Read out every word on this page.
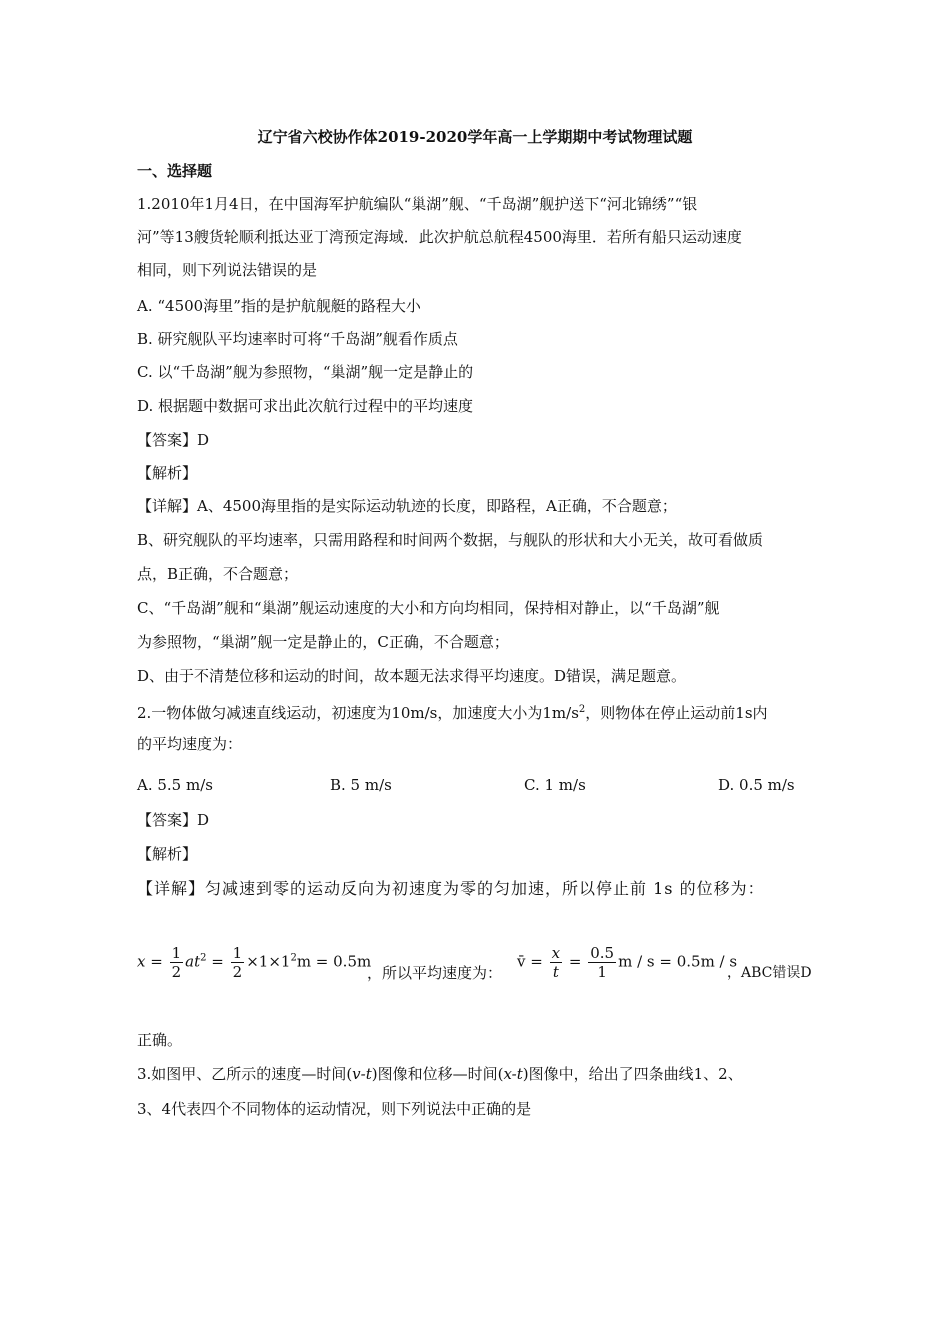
辽宁省六校协作体2019-2020学年高一上学期期中考试物理试题
一、选择题
1.2010年1月4日，在中国海军护航编队“巢湖”舰、“千岛湖”舰护送下“河北锦绣”“银
河”等13艘货轮顺利抵达亚丁湾预定海域．此次护航总航程4500海里．若所有船只运动速度
相同，则下列说法错误的是
A. “4500海里”指的是护航舰艇的路程大小
B. 研究舰队平均速率时可将“千岛湖”舰看作质点
C. 以“千岛湖”舰为参照物，“巢湖”舰一定是静止的
D. 根据题中数据可求出此次航行过程中的平均速度
【答案】D
【解析】
【详解】A、4500海里指的是实际运动轨迹的长度，即路程，A正确，不合题意；
B、研究舰队的平均速率，只需用路程和时间两个数据，与舰队的形状和大小无关，故可看做质
点，B正确，不合题意；
C、“千岛湖”舰和“巢湖”舰运动速度的大小和方向均相同，保持相对静止，以“千岛湖”舰
为参照物，“巢湖”舰一定是静止的，C正确，不合题意；
D、由于不清楚位移和运动的时间，故本题无法求得平均速度。D错误，满足题意。
2.一物体做匀减速直线运动，初速度为10m/s，加速度大小为$1m/s^2$，则物体在停止运动前1s内
的平均速度为：
A. 5.5 m/s	B. 5 m/s	C. 1 m/s	D. 0.5 m/s
【答案】D
【解析】
【详解】匀减速到零的运动反向为初速度为零的匀加速，所以停止前 1s 的位移为：
$x = \frac{1}{2} at^2 = \frac{1}{2} \times 1\times 1^2m = 0.5m$
，所以平均速度为：
v̄ = $\frac{x}{t} = \frac{0.5}{1}$ m / s = 0.5m / s
，ABC错误D
正确。
3.如图甲、乙所示的速度—时间(v-t)图像和位移—时间(x-t)图像中，给出了四条曲线1、2、
3、4代表四个不同物体的运动情况，则下列说法中正确的是
